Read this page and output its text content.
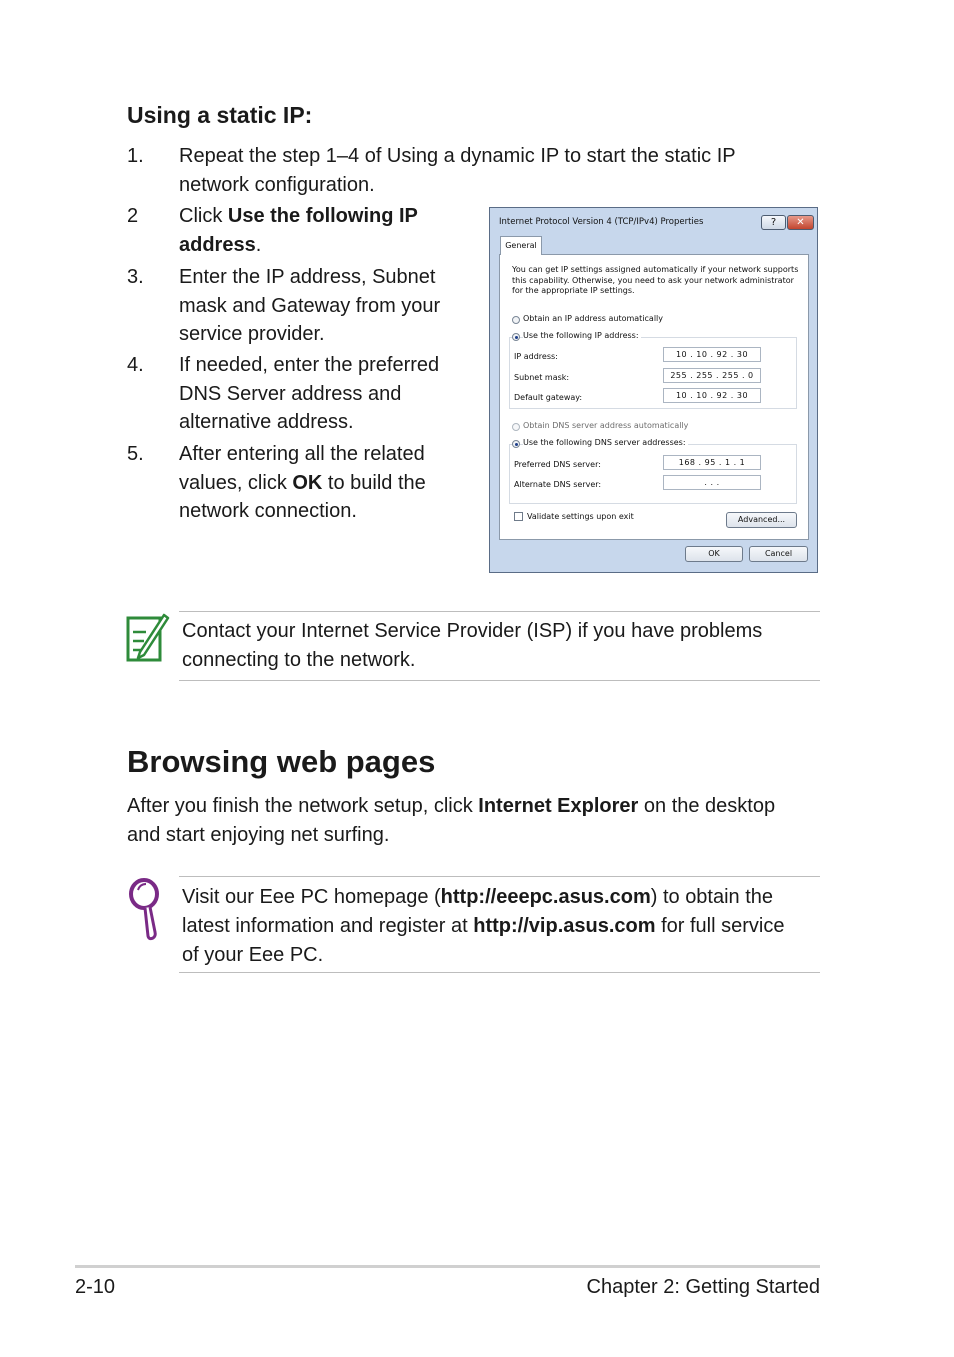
Using a static IP:
1.	Repeat the step 1–4 of Using a dynamic IP to start the static IP
network configuration.
2	Click Use the following IP
address.
3.	Enter the IP address, Subnet
mask and Gateway from your
service provider.
4.	If needed, enter the preferred
DNS Server address and
alternative address.
5.	After entering all the related
values, click OK to build the
network connection.
Internet Protocol Version 4 (TCP/IPv4) Properties	?	✕
General
You can get IP settings assigned automatically if your network supports
this capability. Otherwise, you need to ask your network administrator
for the appropriate IP settings.
Obtain an IP address automatically
Use the following IP address:
IP address:	10 . 10 . 92 . 30
Subnet mask:	255 . 255 . 255 . 0
Default gateway:	10 . 10 . 92 . 30
Obtain DNS server address automatically
Use the following DNS server addresses:
Preferred DNS server:	168 . 95 . 1 . 1
Alternate DNS server:	. . .
Validate settings upon exit	Advanced...
OK	Cancel
Contact your Internet Service Provider (ISP) if you have problems
connecting to the network.
Browsing web pages
After you finish the network setup, click Internet Explorer on the desktop
and start enjoying net surfing.
Visit our Eee PC homepage (http://eeepc.asus.com) to obtain the
latest information and register at http://vip.asus.com for full service
of your Eee PC.
2-10	Chapter 2: Getting Started
